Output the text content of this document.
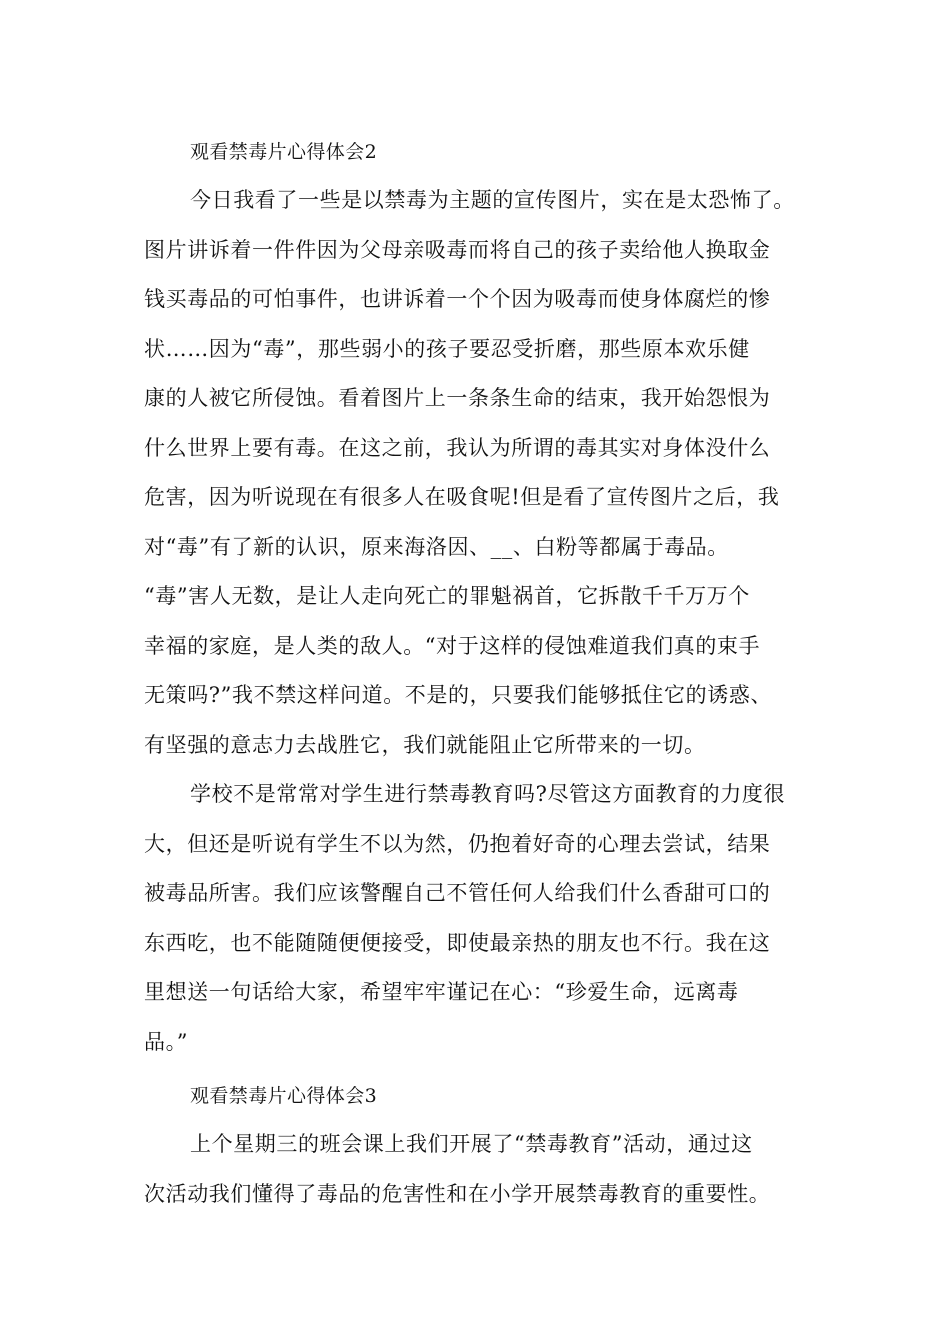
观看禁毒片心得体会2
今日我看了一些是以禁毒为主题的宣传图片，实在是太恐怖了。
图片讲诉着一件件因为父母亲吸毒而将自己的孩子卖给他人换取金
钱买毒品的可怕事件，也讲诉着一个个因为吸毒而使身体腐烂的惨
状……因为“毒”，那些弱小的孩子要忍受折磨，那些原本欢乐健
康的人被它所侵蚀。看着图片上一条条生命的结束，我开始怨恨为
什么世界上要有毒。在这之前，我认为所谓的毒其实对身体没什么
危害，因为听说现在有很多人在吸食呢!但是看了宣传图片之后，我
对“毒”有了新的认识，原来海洛因、__、白粉等都属于毒品。
“毒”害人无数，是让人走向死亡的罪魁祸首，它拆散千千万万个
幸福的家庭，是人类的敌人。“对于这样的侵蚀难道我们真的束手
无策吗?”我不禁这样问道。不是的，只要我们能够抵住它的诱惑、
有坚强的意志力去战胜它，我们就能阻止它所带来的一切。
学校不是常常对学生进行禁毒教育吗?尽管这方面教育的力度很
大，但还是听说有学生不以为然，仍抱着好奇的心理去尝试，结果
被毒品所害。我们应该警醒自己不管任何人给我们什么香甜可口的
东西吃，也不能随随便便接受，即使最亲热的朋友也不行。我在这
里想送一句话给大家，希望牢牢谨记在心：“珍爱生命，远离毒
品。”
观看禁毒片心得体会3
上个星期三的班会课上我们开展了“禁毒教育”活动，通过这
次活动我们懂得了毒品的危害性和在小学开展禁毒教育的重要性。
